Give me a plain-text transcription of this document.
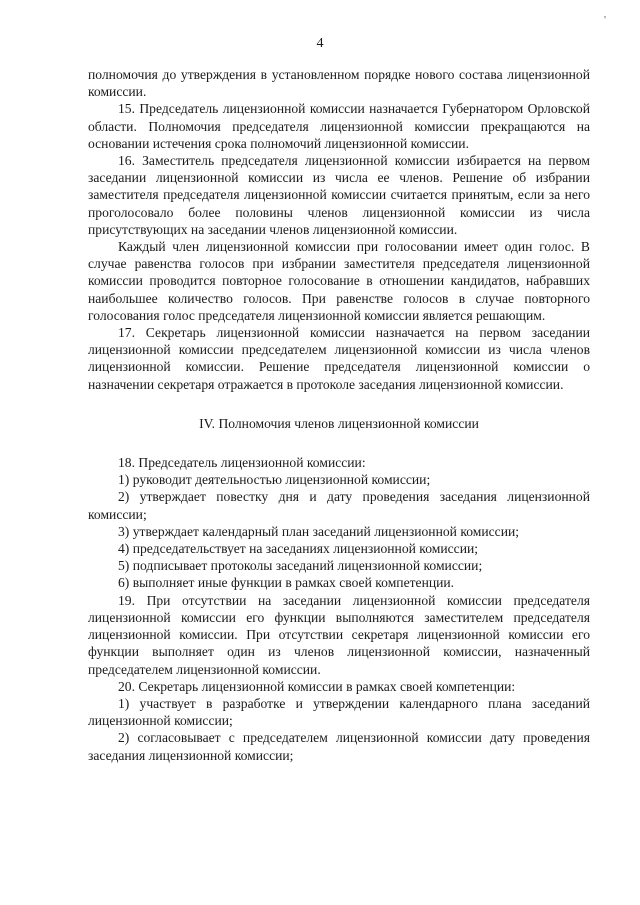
'
4

полномочия до утверждения в установленном порядке нового состава лицензионной комиссии.

15. Председатель лицензионной комиссии назначается Губернатором Орловской области. Полномочия председателя лицензионной комиссии прекращаются на основании истечения срока полномочий лицензионной комиссии.

16. Заместитель председателя лицензионной комиссии избирается на первом заседании лицензионной комиссии из числа ее членов. Решение об избрании заместителя председателя лицензионной комиссии считается принятым, если за него проголосовало более половины членов лицензионной комиссии из числа присутствующих на заседании членов лицензионной комиссии.

Каждый член лицензионной комиссии при голосовании имеет один голос. В случае равенства голосов при избрании заместителя председателя лицензионной комиссии проводится повторное голосование в отношении кандидатов, набравших наибольшее количество голосов. При равенстве голосов в случае повторного голосования голос председателя лицензионной комиссии является решающим.

17. Секретарь лицензионной комиссии назначается на первом заседании лицензионной комиссии председателем лицензионной комиссии из числа членов лицензионной комиссии. Решение председателя лицензионной комиссии о назначении секретаря отражается в протоколе заседания лицензионной комиссии.

IV. Полномочия членов лицензионной комиссии

18. Председатель лицензионной комиссии:

1) руководит деятельностью лицензионной комиссии;

2) утверждает повестку дня и дату проведения заседания лицензионной комиссии;

3) утверждает календарный план заседаний лицензионной комиссии;

4) председательствует на заседаниях лицензионной комиссии;

5) подписывает протоколы заседаний лицензионной комиссии;

6) выполняет иные функции в рамках своей компетенции.

19. При отсутствии на заседании лицензионной комиссии председателя лицензионной комиссии его функции выполняются заместителем председателя лицензионной комиссии. При отсутствии секретаря лицензионной комиссии его функции выполняет один из членов лицензионной комиссии, назначенный председателем лицензионной комиссии.

20. Секретарь лицензионной комиссии в рамках своей компетенции:

1) участвует в разработке и утверждении календарного плана заседаний лицензионной комиссии;

2) согласовывает с председателем лицензионной комиссии дату проведения заседания лицензионной комиссии;
